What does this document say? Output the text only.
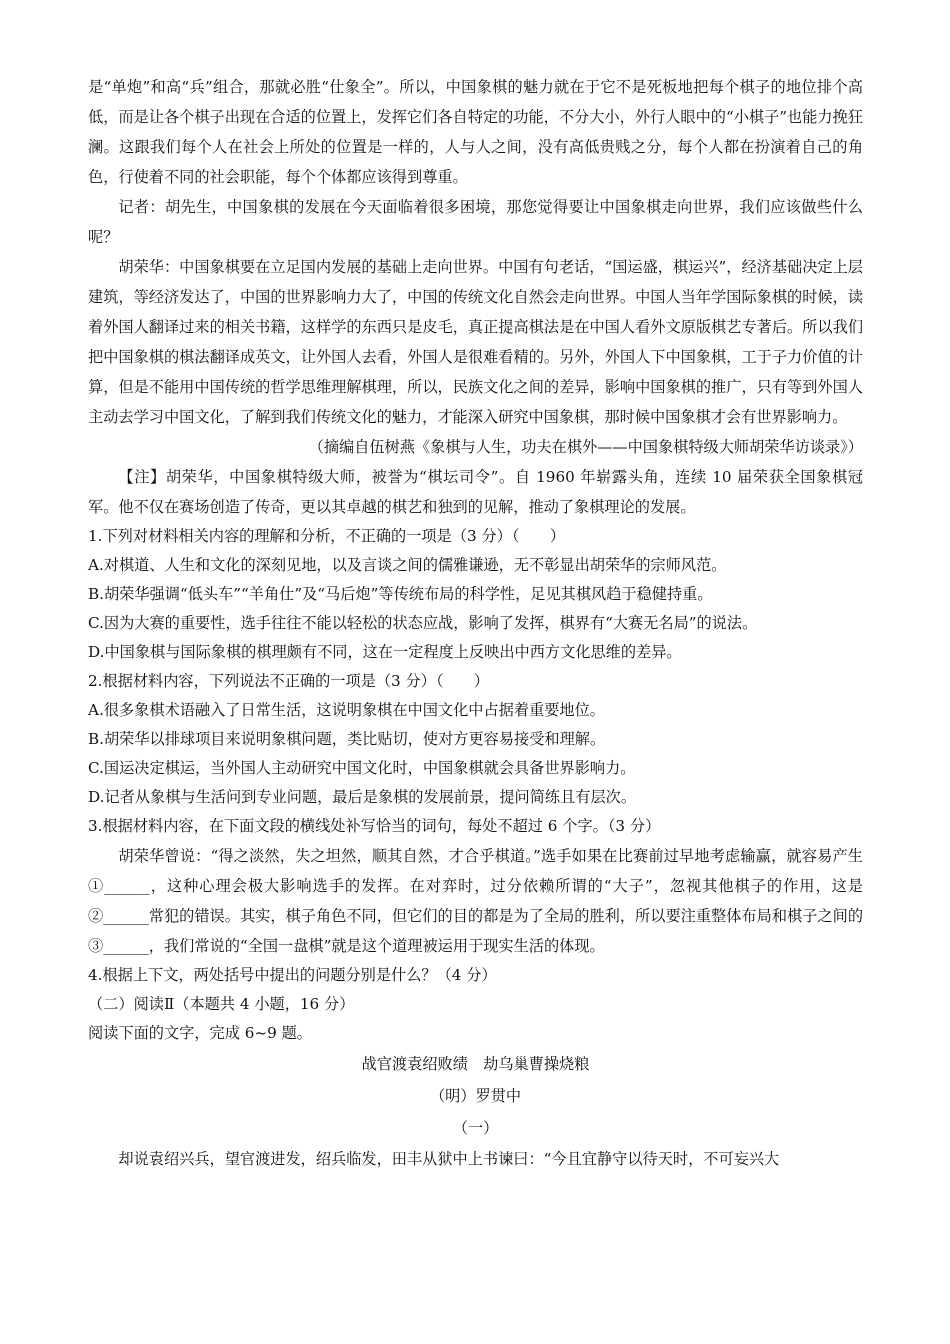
是“单炮”和高“兵”组合，那就必胜“仕象全”。所以，中国象棋的魅力就在于它不是死板地把每个棋子的地位排个高低，而是让各个棋子出现在合适的位置上，发挥它们各自特定的功能，不分大小，外行人眼中的“小棋子”也能力挽狂澜。这跟我们每个人在社会上所处的位置是一样的，人与人之间，没有高低贵贱之分，每个人都在扮演着自己的角色，行使着不同的社会职能，每个个体都应该得到尊重。

记者：胡先生，中国象棋的发展在今天面临着很多困境，那您觉得要让中国象棋走向世界，我们应该做些什么呢？

胡荣华：中国象棋要在立足国内发展的基础上走向世界。中国有句老话，“国运盛，棋运兴”，经济基础决定上层建筑，等经济发达了，中国的世界影响力大了，中国的传统文化自然会走向世界。中国人当年学国际象棋的时候，读着外国人翻译过来的相关书籍，这样学的东西只是皮毛，真正提高棋法是在中国人看外文原版棋艺专著后。所以我们把中国象棋的棋法翻译成英文，让外国人去看，外国人是很难看精的。另外，外国人下中国象棋，工于子力价值的计算，但是不能用中国传统的哲学思维理解棋理，所以，民族文化之间的差异，影响中国象棋的推广，只有等到外国人主动去学习中国文化，了解到我们传统文化的魅力，才能深入研究中国象棋，那时候中国象棋才会有世界影响力。

（摘编自伍树燕《象棋与人生，功夫在棋外——中国象棋特级大师胡荣华访谈录》）

【注】胡荣华，中国象棋特级大师，被誉为“棋坛司令”。自 1960 年崭露头角，连续 10 届荣获全国象棋冠军。他不仅在赛场创造了传奇，更以其卓越的棋艺和独到的见解，推动了象棋理论的发展。

1.下列对材料相关内容的理解和分析，不正确的一项是（3 分）（　　）

A.对棋道、人生和文化的深刻见地，以及言谈之间的儒雅谦逊，无不彰显出胡荣华的宗师风范。

B.胡荣华强调“低头车”“羊角仕”及“马后炮”等传统布局的科学性，足见其棋风趋于稳健持重。

C.因为大赛的重要性，选手往往不能以轻松的状态应战，影响了发挥，棋界有“大赛无名局”的说法。

D.中国象棋与国际象棋的棋理颇有不同，这在一定程度上反映出中西方文化思维的差异。

2.根据材料内容，下列说法不正确的一项是（3 分）（　　）

A.很多象棋术语融入了日常生活，这说明象棋在中国文化中占据着重要地位。

B.胡荣华以排球项目来说明象棋问题，类比贴切，使对方更容易接受和理解。

C.国运决定棋运，当外国人主动研究中国文化时，中国象棋就会具备世界影响力。

D.记者从象棋与生活问到专业问题，最后是象棋的发展前景，提问简练且有层次。

3.根据材料内容，在下面文段的横线处补写恰当的词句，每处不超过 6 个字。（3 分）

胡荣华曾说：“得之淡然，失之坦然，顺其自然，才合乎棋道。”选手如果在比赛前过早地考虑输赢，就容易产生①______，这种心理会极大影响选手的发挥。在对弈时，过分依赖所谓的“大子”，忽视其他棋子的作用，这是②______常犯的错误。其实，棋子角色不同，但它们的目的都是为了全局的胜利，所以要注重整体布局和棋子之间的③______，我们常说的“全国一盘棋”就是这个道理被运用于现实生活的体现。

4.根据上下文，两处括号中提出的问题分别是什么？（4 分）

（二）阅读Ⅱ（本题共 4 小题，16 分）

阅读下面的文字，完成 6~9 题。

战官渡袁绍败绩　劫乌巢曹操烧粮

（明）罗贯中

（一）

却说袁绍兴兵，望官渡进发，绍兵临发，田丰从狱中上书谏曰：“今且宜静守以待天时，不可妄兴大
